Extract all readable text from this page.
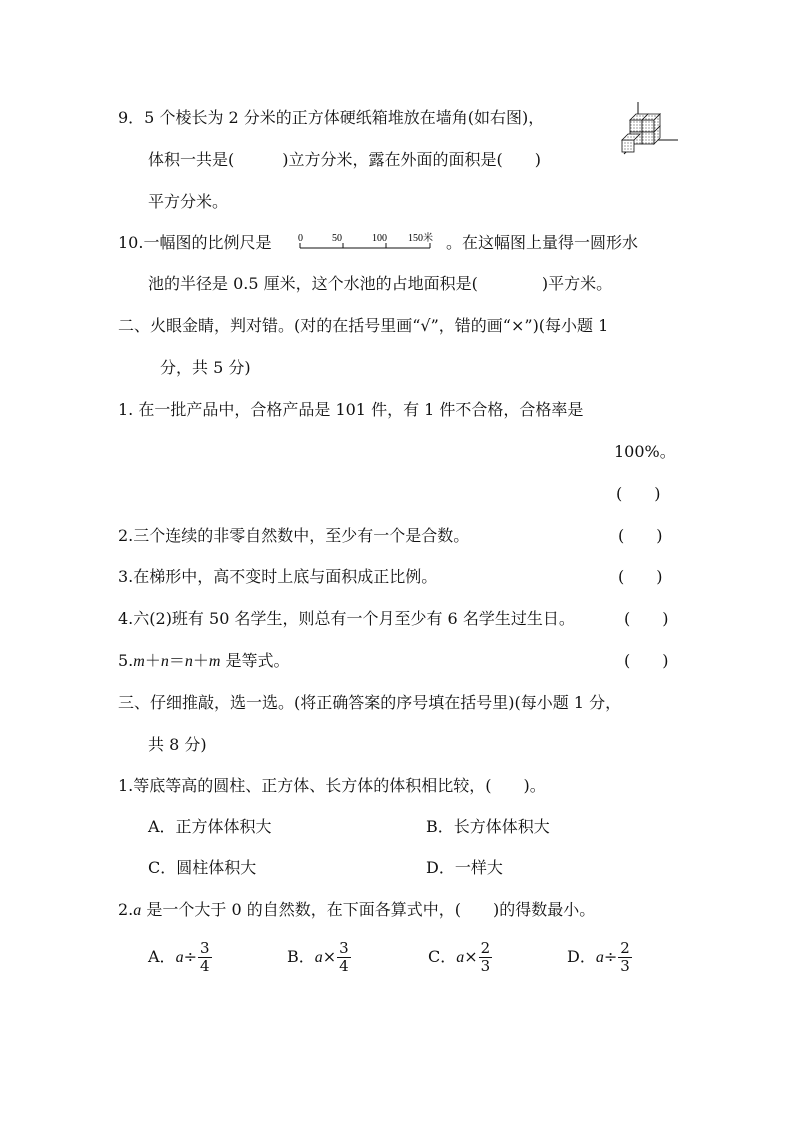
9．5 个棱长为 2 分米的正方体硬纸箱堆放在墙角(如右图)，
体积一共是(　　　)立方分米，露在外面的面积是(　　)
平方分米。
10.一幅图的比例尺是	0	50	100 150米 。在这幅图上量得一圆形水
池的半径是 0.5 厘米，这个水池的占地面积是(　　　　)平方米。
二、火眼金睛，判对错。(对的在括号里画“√”，错的画“×”)(每小题 1
分，共 5 分)
1. 在一批产品中，合格产品是 101 件，有 1 件不合格，合格率是
100%。
(　　)
2.三个连续的非零自然数中，至少有一个是合数。	(　　)
3.在梯形中，高不变时上底与面积成正比例。	(　　)
4.六(2)班有 50 名学生，则总有一个月至少有 6 名学生过生日。	(　　)
5.m＋n＝n＋m 是等式。	(　　)
三、仔细推敲，选一选。(将正确答案的序号填在括号里)(每小题 1 分，
共 8 分)
1.等底等高的圆柱、正方体、长方体的体积相比较，(　　)。
A．正方体体积大	B．长方体体积大
C．圆柱体积大	D．一样大
2.a 是一个大于 0 的自然数，在下面各算式中，(　　)的得数最小。
A．$a\div \frac{3}{4}$	B．$a\times \frac{3}{4}$	C．$a\times \frac{2}{3}$	D．$a\div \frac{2}{3}$
